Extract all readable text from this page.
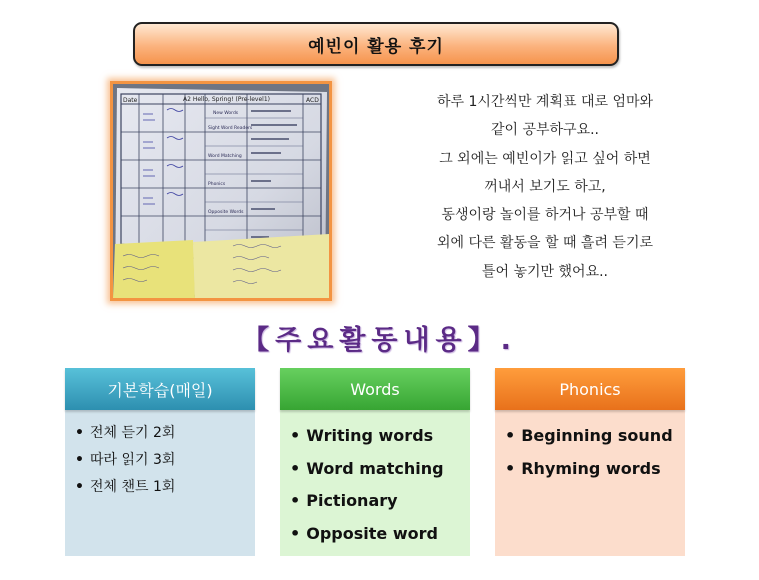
예빈이 활용 후기
Date	A2 Hello, Spring! (Pre-level1)	ACD
New Words
Sight Word Readers
Word Matching
Phonics
Opposite Words
하루 1시간씩만 계획표 대로 엄마와
같이 공부하구요..
그 외에는 예빈이가 읽고 싶어 하면
꺼내서 보기도 하고,
동생이랑 놀이를 하거나 공부할 때
외에 다른 활동을 할 때 흘려 듣기로
틀어 놓기만 했어요..
【주요활동내용】.
기본학습(매일)
• 전체 듣기 2회
• 따라 읽기 3회
• 전체 챈트 1회
Words
• Writing words
• Word matching
• Pictionary
• Opposite word
Phonics
• Beginning sound
• Rhyming words
